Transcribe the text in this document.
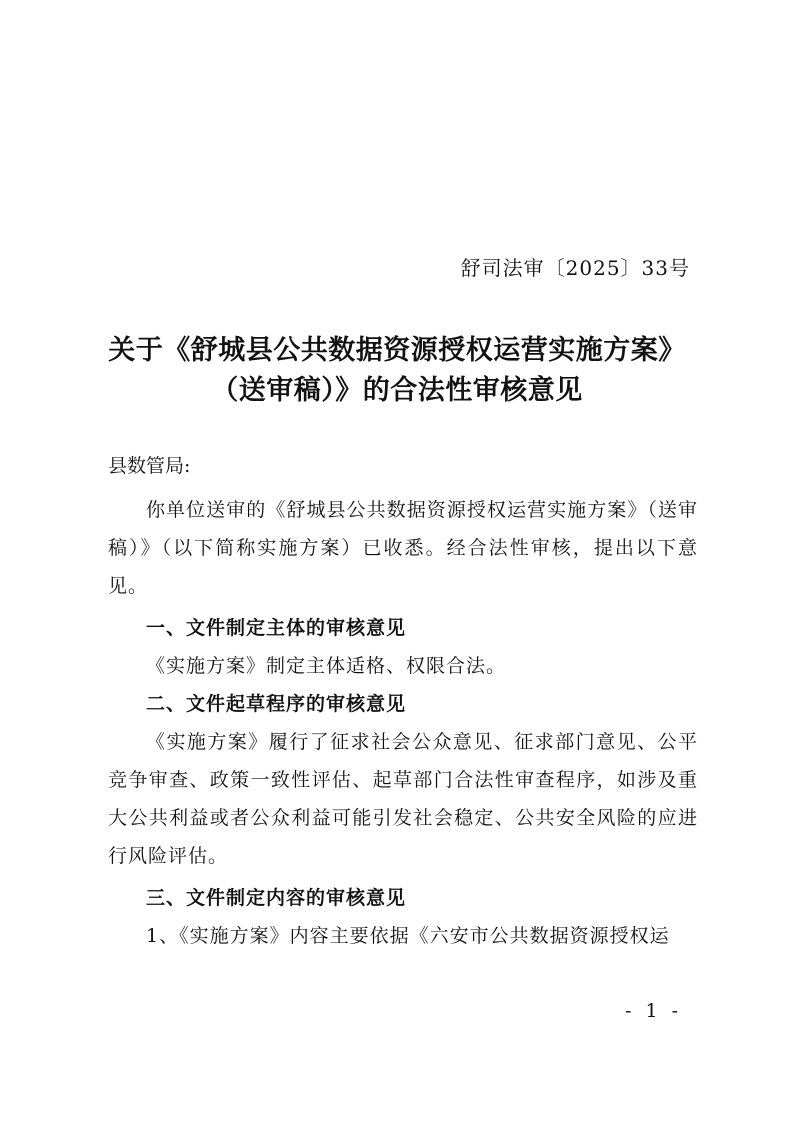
舒司法审〔2025〕33号
关于《舒城县公共数据资源授权运营实施方案》
（送审稿）》的合法性审核意见
县数管局:
你单位送审的《舒城县公共数据资源授权运营实施方案》（送审稿）》（以下简称实施方案）已收悉。经合法性审核，提出以下意见。
一、文件制定主体的审核意见
《实施方案》制定主体适格、权限合法。
二、文件起草程序的审核意见
《实施方案》履行了征求社会公众意见、征求部门意见、公平竞争审查、政策一致性评估、起草部门合法性审查程序，如涉及重大公共利益或者公众利益可能引发社会稳定、公共安全风险的应进行风险评估。
三、文件制定内容的审核意见
1、《实施方案》内容主要依据《六安市公共数据资源授权运
- 1 -
